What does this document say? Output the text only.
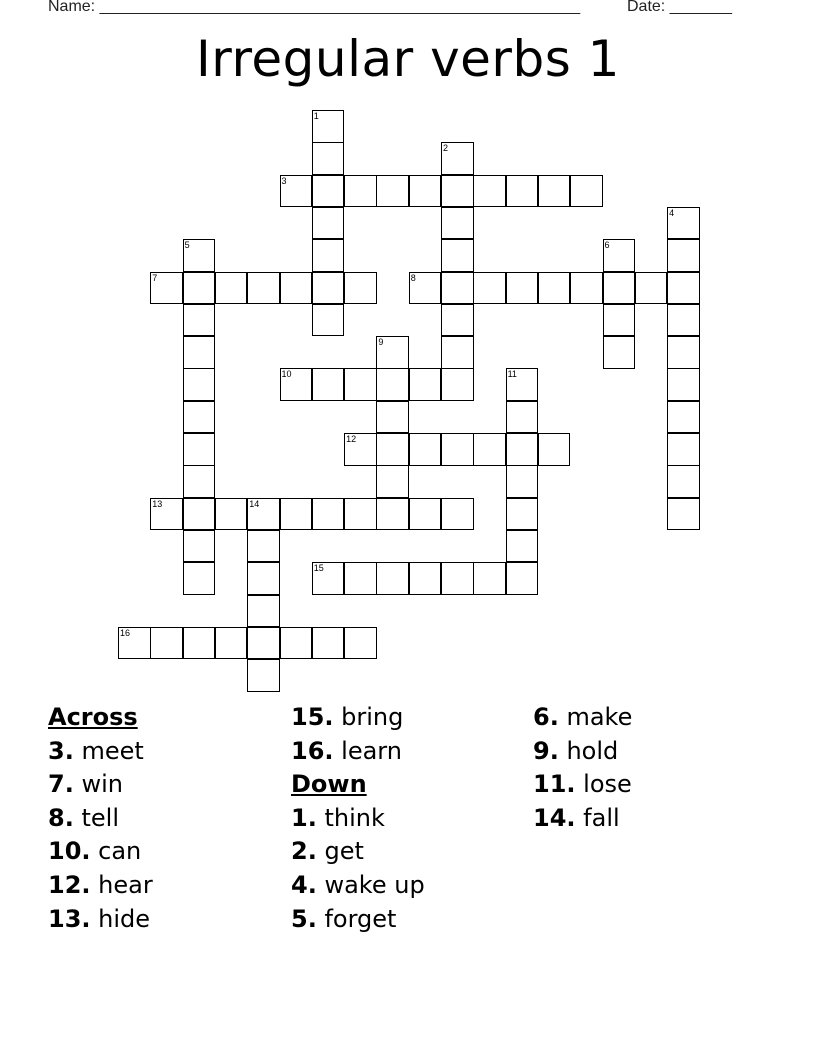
Name: ______________________________________________________	Date: _______
Irregular verbs 1
3
7	8
10
12
13	14
15
16
1
2
4
5	6
9
11
Across
3. meet
7. win
8. tell
10. can
12. hear
13. hide
15. bring
16. learn
Down
1. think
2. get
4. wake up
5. forget
6. make
9. hold
11. lose
14. fall
